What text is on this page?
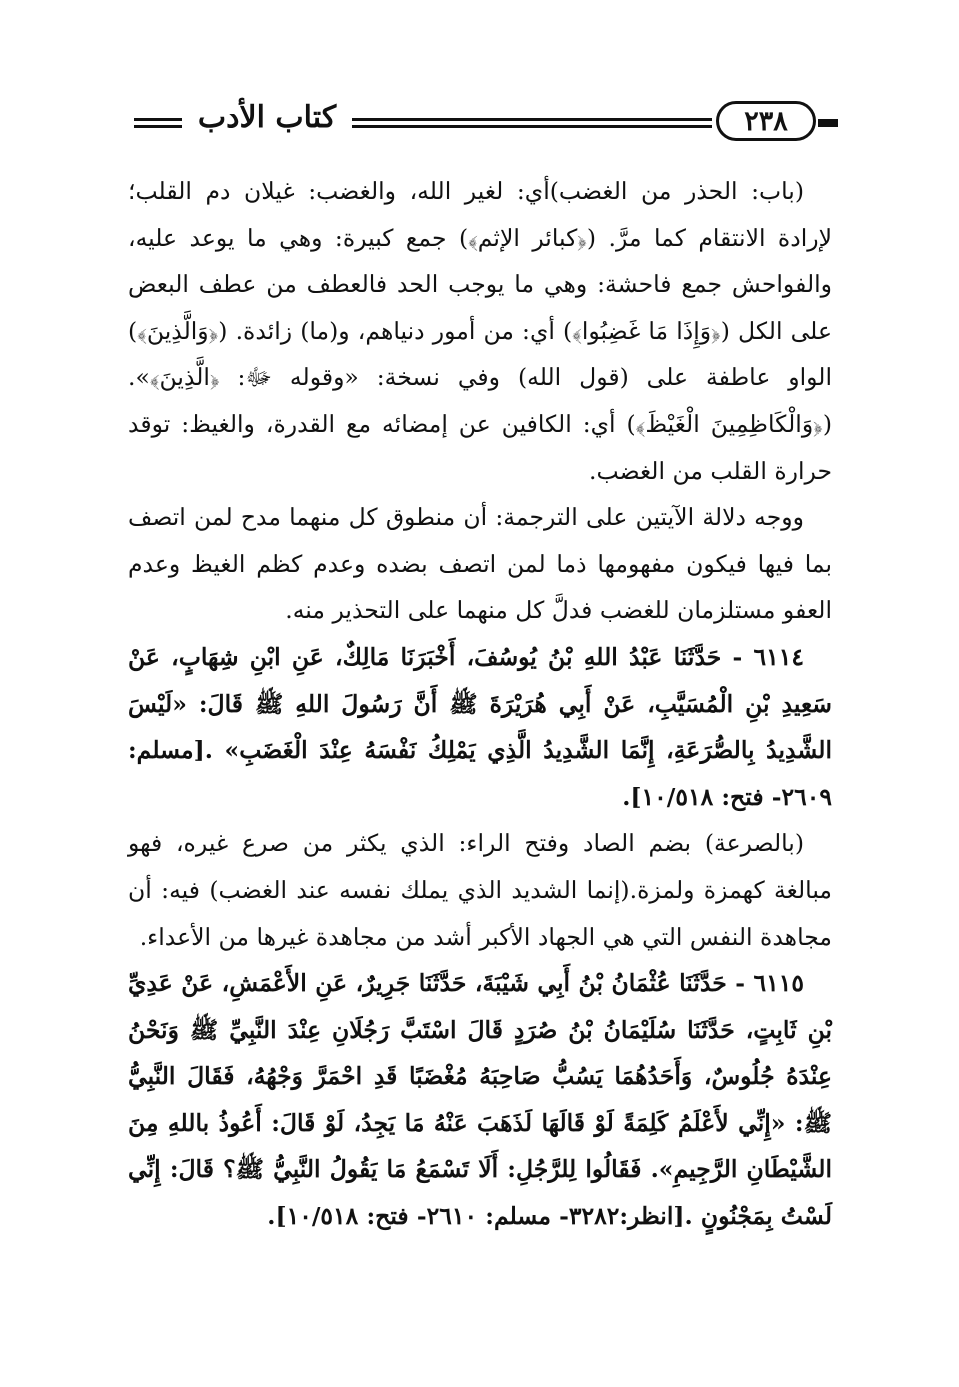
كتاب الأدب	٢٣٨

(باب: الحذر من الغضب)أي: لغير الله، والغضب: غيلان دم القلب؛ لإرادة الانتقام كما مرَّ. (﴿كبائر الإثم﴾) جمع كبيرة: وهي ما يوعد عليه، والفواحش جمع فاحشة: وهي ما يوجب الحد فالعطف من عطف البعض على الكل (﴿وَإِذَا مَا غَضِبُوا﴾) أي: من أمور دنياهم، و(ما) زائدة. (﴿وَالَّذِينَ﴾) الواو عاطفة على (قول الله) وفي نسخة: «وقوله ﷻ: ﴿الَّذِينَ﴾». (﴿وَالْكَاظِمِينَ الْغَيْظَ﴾) أي: الكافين عن إمضائه مع القدرة، والغيظ: توقد حرارة القلب من الغضب.

ووجه دلالة الآيتين على الترجمة: أن منطوق كل منهما مدح لمن اتصف بما فيها فيكون مفهومها ذما لمن اتصف بضده وعدم كظم الغيظ وعدم العفو مستلزمان للغضب فدلَّ كل منهما على التحذير منه.

٦١١٤ - حَدَّثَنَا عَبْدُ اللهِ بْنُ يُوسُفَ، أَخْبَرَنَا مَالِكٌ، عَنِ ابْنِ شِهَابٍ، عَنْ سَعِيدِ بْنِ الْمُسَيَّبِ، عَنْ أَبِي هُرَيْرَةَ ﷺ أَنَّ رَسُولَ اللهِ ﷺ قَالَ: «لَيْسَ الشَّدِيدُ بِالصُّرَعَةِ، إِنَّمَا الشَّدِيدُ الَّذِي يَمْلِكُ نَفْسَهُ عِنْدَ الْغَضَبِ» .[مسلم: ٢٦٠٩- فتح: ١٠/٥١٨].

(بالصرعة) بضم الصاد وفتح الراء: الذي يكثر من صرع غيره، فهو مبالغة كهمزة ولمزة.(إنما الشديد الذي يملك نفسه عند الغضب) فيه: أن مجاهدة النفس التي هي الجهاد الأكبر أشد من مجاهدة غيرها من الأعداء.

٦١١٥ - حَدَّثَنَا عُثْمَانُ بْنُ أَبِي شَيْبَةَ، حَدَّثَنَا جَرِيرٌ، عَنِ الأَعْمَشِ، عَنْ عَدِيِّ بْنِ ثَابِتٍ، حَدَّثَنَا سُلَيْمَانُ بْنُ صُرَدٍ قَالَ اسْتَبَّ رَجُلَانِ عِنْدَ النَّبِيِّ ﷺ وَنَحْنُ عِنْدَهُ جُلُوسٌ، وَأَحَدُهُمَا يَسُبُّ صَاحِبَهُ مُغْضَبًا قَدِ احْمَرَّ وَجْهُهُ، فَقَالَ النَّبِيُّ ﷺ: «إِنِّي لأَعْلَمُ كَلِمَةً لَوْ قَالَهَا لَذَهَبَ عَنْهُ مَا يَجِدُ، لَوْ قَالَ: أَعُوذُ باللهِ مِنَ الشَّيْطَانِ الرَّجِيمِ». فَقَالُوا لِلرَّجُلِ: أَلَا تَسْمَعُ مَا يَقُولُ النَّبِيُّ ﷺ؟ قَالَ: إِنِّي لَسْتُ بِمَجْنُونٍ .[انظر:٣٢٨٢- مسلم: ٢٦١٠- فتح: ١٠/٥١٨].
